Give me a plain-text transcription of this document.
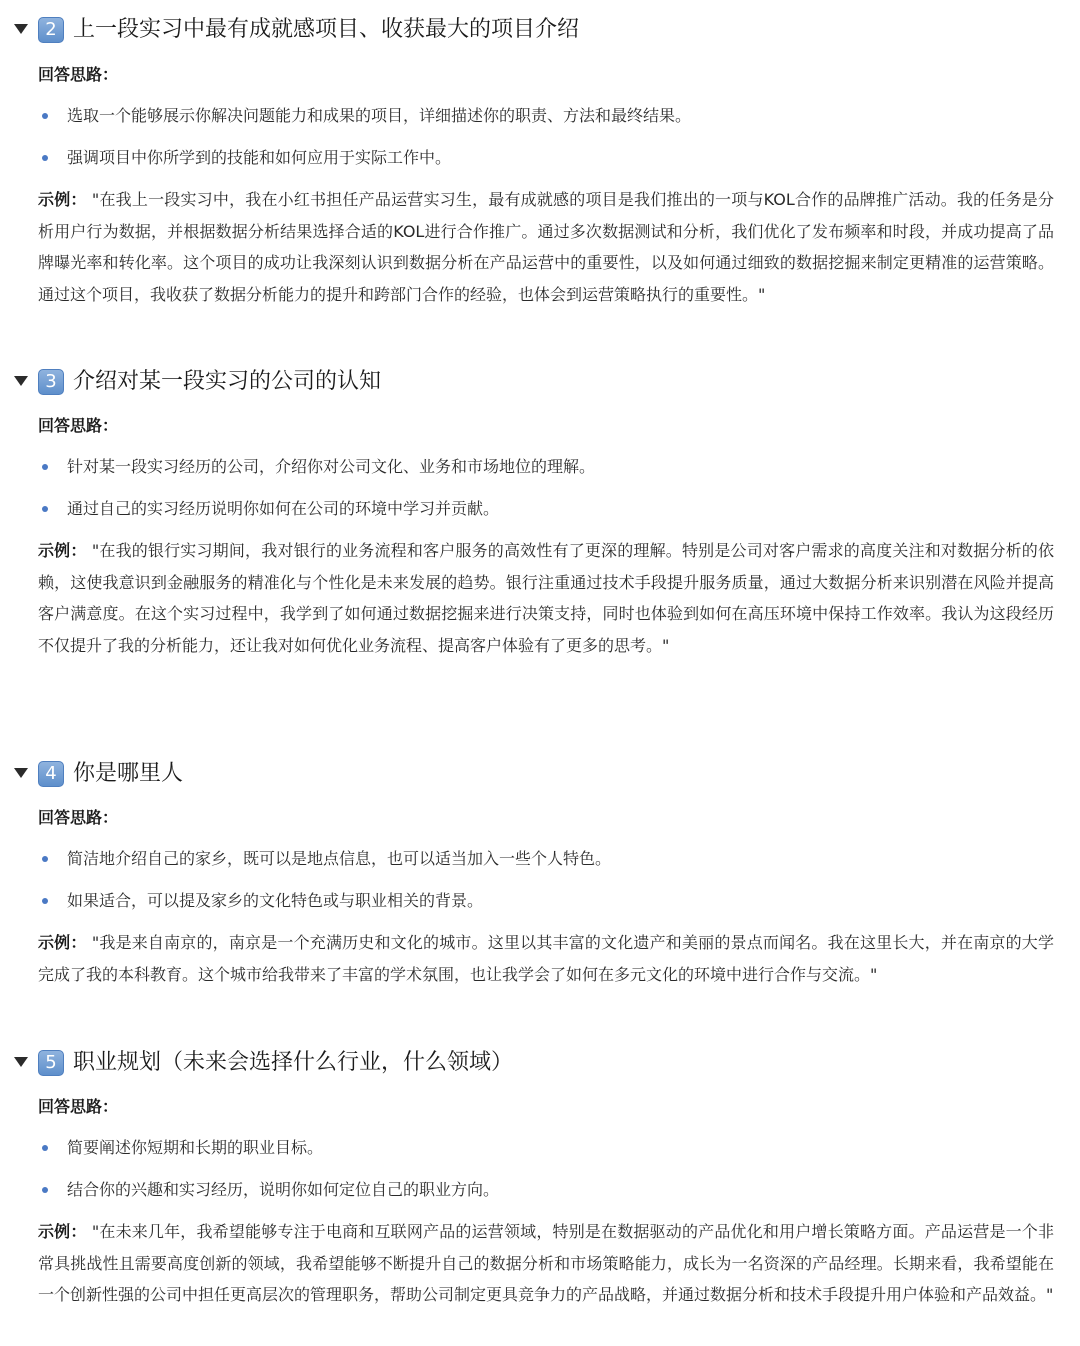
2 上一段实习中最有成就感项目、收获最大的项目介绍
回答思路：
选取一个能够展示你解决问题能力和成果的项目，详细描述你的职责、方法和最终结果。
强调项目中你所学到的技能和如何应用于实际工作中。
示例： "在我上一段实习中，我在小红书担任产品运营实习生，最有成就感的项目是我们推出的一项与KOL合作的品牌推广活动。我的任务是分析用户行为数据，并根据数据分析结果选择合适的KOL进行合作推广。通过多次数据测试和分析，我们优化了发布频率和时段，并成功提高了品牌曝光率和转化率。这个项目的成功让我深刻认识到数据分析在产品运营中的重要性，以及如何通过细致的数据挖掘来制定更精准的运营策略。通过这个项目，我收获了数据分析能力的提升和跨部门合作的经验，也体会到运营策略执行的重要性。"
3 介绍对某一段实习的公司的认知
回答思路：
针对某一段实习经历的公司，介绍你对公司文化、业务和市场地位的理解。
通过自己的实习经历说明你如何在公司的环境中学习并贡献。
示例： "在我的银行实习期间，我对银行的业务流程和客户服务的高效性有了更深的理解。特别是公司对客户需求的高度关注和对数据分析的依赖，这使我意识到金融服务的精准化与个性化是未来发展的趋势。银行注重通过技术手段提升服务质量，通过大数据分析来识别潜在风险并提高客户满意度。在这个实习过程中，我学到了如何通过数据挖掘来进行决策支持，同时也体验到如何在高压环境中保持工作效率。我认为这段经历不仅提升了我的分析能力，还让我对如何优化业务流程、提高客户体验有了更多的思考。"
4 你是哪里人
回答思路：
简洁地介绍自己的家乡，既可以是地点信息，也可以适当加入一些个人特色。
如果适合，可以提及家乡的文化特色或与职业相关的背景。
示例： "我是来自南京的，南京是一个充满历史和文化的城市。这里以其丰富的文化遗产和美丽的景点而闻名。我在这里长大，并在南京的大学完成了我的本科教育。这个城市给我带来了丰富的学术氛围，也让我学会了如何在多元文化的环境中进行合作与交流。"
5 职业规划（未来会选择什么行业，什么领域）
回答思路：
简要阐述你短期和长期的职业目标。
结合你的兴趣和实习经历，说明你如何定位自己的职业方向。
示例： "在未来几年，我希望能够专注于电商和互联网产品的运营领域，特别是在数据驱动的产品优化和用户增长策略方面。产品运营是一个非常具挑战性且需要高度创新的领域，我希望能够不断提升自己的数据分析和市场策略能力，成长为一名资深的产品经理。长期来看，我希望能在一个创新性强的公司中担任更高层次的管理职务，帮助公司制定更具竞争力的产品战略，并通过数据分析和技术手段提升用户体验和产品效益。"
